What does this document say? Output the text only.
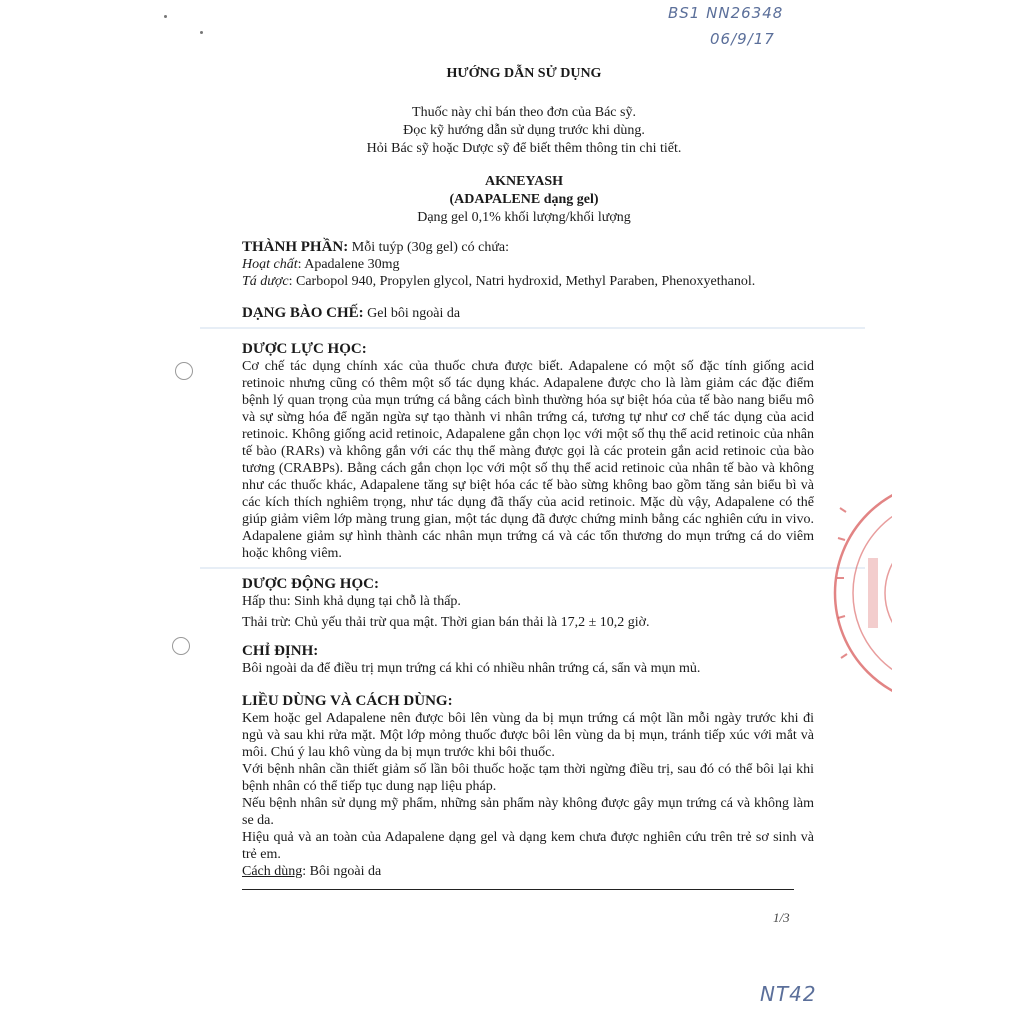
BS1 NN26348
06/9/17
NT42
HƯỚNG DẪN SỬ DỤNG
Thuốc này chỉ bán theo đơn của Bác sỹ.
Đọc kỹ hướng dẫn sử dụng trước khi dùng.
Hỏi Bác sỹ hoặc Dược sỹ để biết thêm thông tin chi tiết.
AKNEYASH
(ADAPALENE dạng gel)
Dạng gel 0,1% khối lượng/khối lượng
THÀNH PHẦN: Mỗi tuýp (30g gel) có chứa:
Hoạt chất: Apadalene 30mg
Tá dược: Carbopol 940, Propylen glycol, Natri hydroxid, Methyl Paraben, Phenoxyethanol.
DẠNG BÀO CHẾ: Gel bôi ngoài da
DƯỢC LỰC HỌC:

Cơ chế tác dụng chính xác của thuốc chưa được biết. Adapalene có một số đặc tính giống acid retinoic nhưng cũng có thêm một số tác dụng khác. Adapalene được cho là làm giảm các đặc điểm bệnh lý quan trọng của mụn trứng cá bằng cách bình thường hóa sự biệt hóa của tế bào nang biểu mô và sự sừng hóa để ngăn ngừa sự tạo thành vi nhân trứng cá, tương tự như cơ chế tác dụng của acid retinoic. Không giống acid retinoic, Adapalene gắn chọn lọc với một số thụ thể acid retinoic của nhân tế bào (RARs) và không gắn với các thụ thể màng được gọi là các protein gắn acid retinoic của bào tương (CRABPs). Bằng cách gắn chọn lọc với một số thụ thể acid retinoic của nhân tế bào và không như các thuốc khác, Adapalene tăng sự biệt hóa các tế bào sừng không bao gồm tăng sản biểu bì và các kích thích nghiêm trọng, như tác dụng đã thấy của acid retinoic. Mặc dù vậy, Adapalene có thể giúp giảm viêm lớp màng trung gian, một tác dụng đã được chứng minh bằng các nghiên cứu in vivo. Adapalene giảm sự hình thành các nhân mụn trứng cá và các tổn thương do mụn trứng cá do viêm hoặc không viêm.

DƯỢC ĐỘNG HỌC:
Hấp thu: Sinh khả dụng tại chỗ là thấp.
Thải trừ: Chủ yếu thải trừ qua mật. Thời gian bán thải là 17,2 ± 10,2 giờ.
CHỈ ĐỊNH:
Bôi ngoài da để điều trị mụn trứng cá khi có nhiều nhân trứng cá, sẩn và mụn mủ.
LIỀU DÙNG VÀ CÁCH DÙNG:

Kem hoặc gel Adapalene nên được bôi lên vùng da bị mụn trứng cá một lần mỗi ngày trước khi đi ngủ và sau khi rửa mặt. Một lớp mỏng thuốc được bôi lên vùng da bị mụn, tránh tiếp xúc với mắt và môi. Chú ý lau khô vùng da bị mụn trước khi bôi thuốc.

Với bệnh nhân cần thiết giảm số lần bôi thuốc hoặc tạm thời ngừng điều trị, sau đó có thể bôi lại khi bệnh nhân có thể tiếp tục dung nạp liệu pháp.

Nếu bệnh nhân sử dụng mỹ phẩm, những sản phẩm này không được gây mụn trứng cá và không làm se da.

Hiệu quả và an toàn của Adapalene dạng gel và dạng kem chưa được nghiên cứu trên trẻ sơ sinh và trẻ em.

Cách dùng: Bôi ngoài da
1/3
